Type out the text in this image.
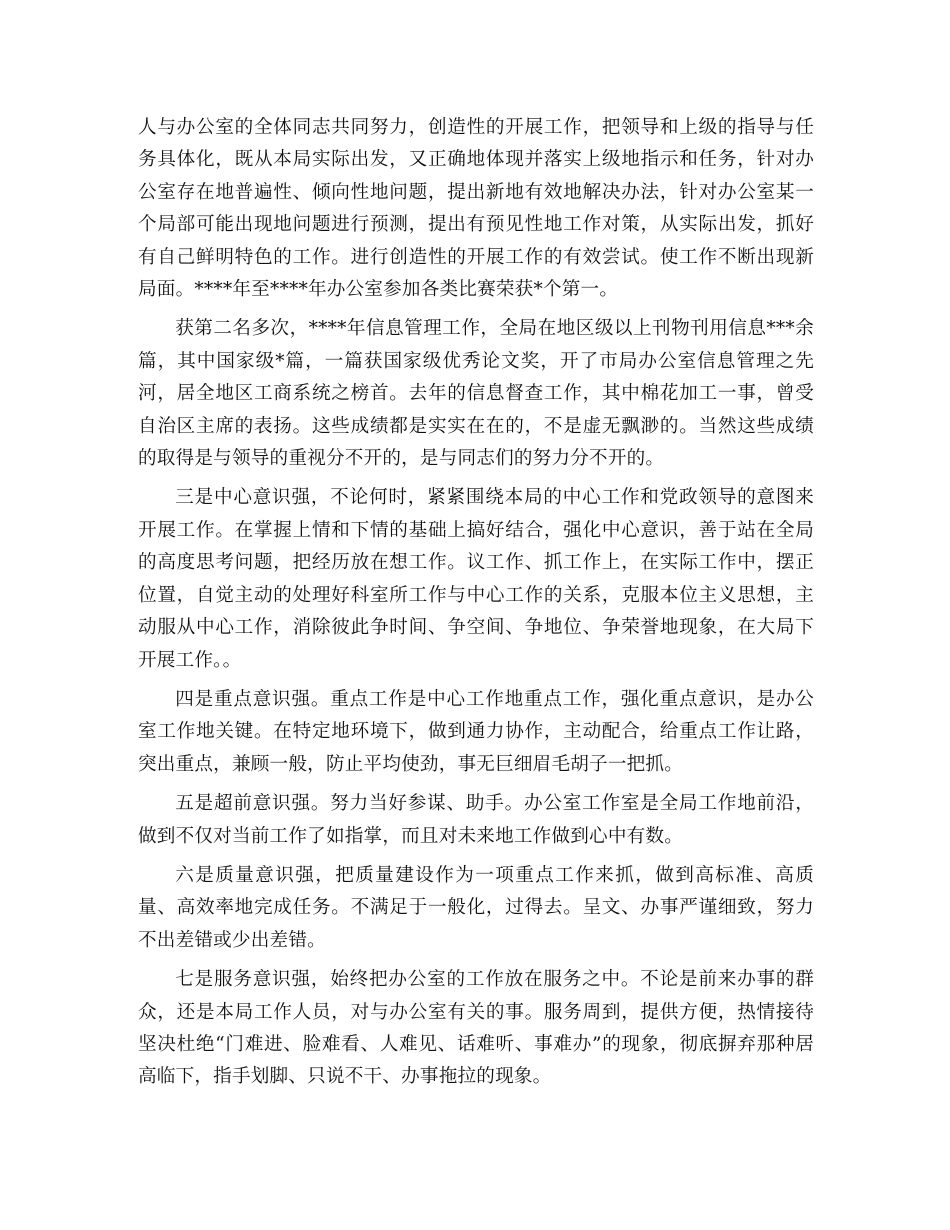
人与办公室的全体同志共同努力，创造性的开展工作，把领导和上级的指导与任务具体化，既从本局实际出发，又正确地体现并落实上级地指示和任务，针对办公室存在地普遍性、倾向性地问题，提出新地有效地解决办法，针对办公室某一个局部可能出现地问题进行预测，提出有预见性地工作对策，从实际出发，抓好有自己鲜明特色的工作。进行创造性的开展工作的有效尝试。使工作不断出现新局面。****年至****年办公室参加各类比赛荣获*个第一。

获第二名多次，****年信息管理工作，全局在地区级以上刊物刊用信息***余篇，其中国家级*篇，一篇获国家级优秀论文奖，开了市局办公室信息管理之先河，居全地区工商系统之榜首。去年的信息督查工作，其中棉花加工一事，曾受自治区主席的表扬。这些成绩都是实实在在的，不是虚无飘渺的。当然这些成绩的取得是与领导的重视分不开的，是与同志们的努力分不开的。

三是中心意识强，不论何时，紧紧围绕本局的中心工作和党政领导的意图来开展工作。在掌握上情和下情的基础上搞好结合，强化中心意识，善于站在全局的高度思考问题，把经历放在想工作。议工作、抓工作上，在实际工作中，摆正位置，自觉主动的处理好科室所工作与中心工作的关系，克服本位主义思想，主动服从中心工作，消除彼此争时间、争空间、争地位、争荣誉地现象，在大局下开展工作。。

四是重点意识强。重点工作是中心工作地重点工作，强化重点意识，是办公室工作地关键。在特定地环境下，做到通力协作，主动配合，给重点工作让路，突出重点，兼顾一般，防止平均使劲，事无巨细眉毛胡子一把抓。

五是超前意识强。努力当好参谋、助手。办公室工作室是全局工作地前沿，做到不仅对当前工作了如指掌，而且对未来地工作做到心中有数。

六是质量意识强，把质量建设作为一项重点工作来抓，做到高标准、高质量、高效率地完成任务。不满足于一般化，过得去。呈文、办事严谨细致，努力不出差错或少出差错。

七是服务意识强，始终把办公室的工作放在服务之中。不论是前来办事的群众，还是本局工作人员，对与办公室有关的事。服务周到，提供方便，热情接待坚决杜绝“门难进、脸难看、人难见、话难听、事难办”的现象，彻底摒弃那种居高临下，指手划脚、只说不干、办事拖拉的现象。
